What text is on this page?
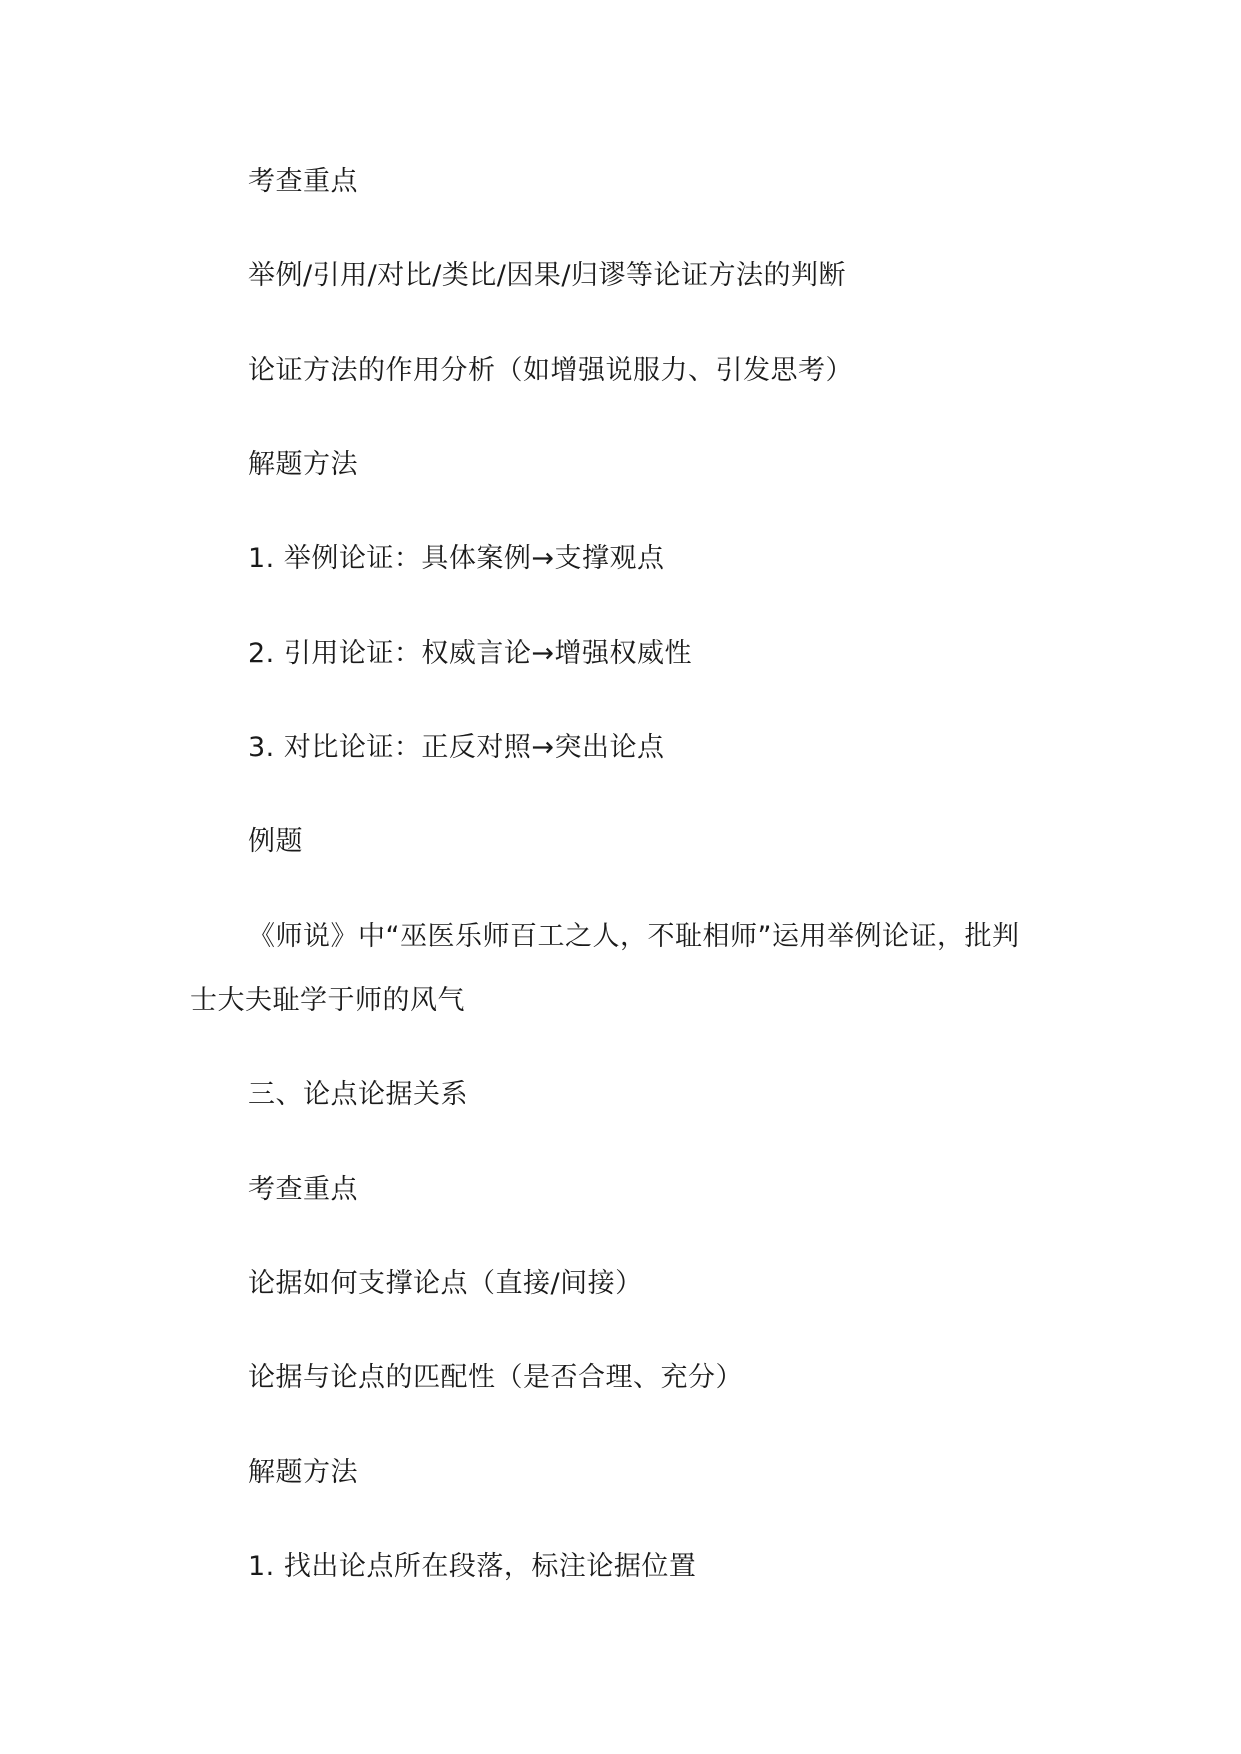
考查重点
举例/引用/对比/类比/因果/归谬等论证方法的判断
论证方法的作用分析（如增强说服力、引发思考）
解题方法
1. 举例论证：具体案例→支撑观点
2. 引用论证：权威言论→增强权威性
3. 对比论证：正反对照→突出论点
例题
《师说》中“巫医乐师百工之人，不耻相师”运用举例论证，批判
士大夫耻学于师的风气
三、论点论据关系
考查重点
论据如何支撑论点（直接/间接）
论据与论点的匹配性（是否合理、充分）
解题方法
1. 找出论点所在段落，标注论据位置
